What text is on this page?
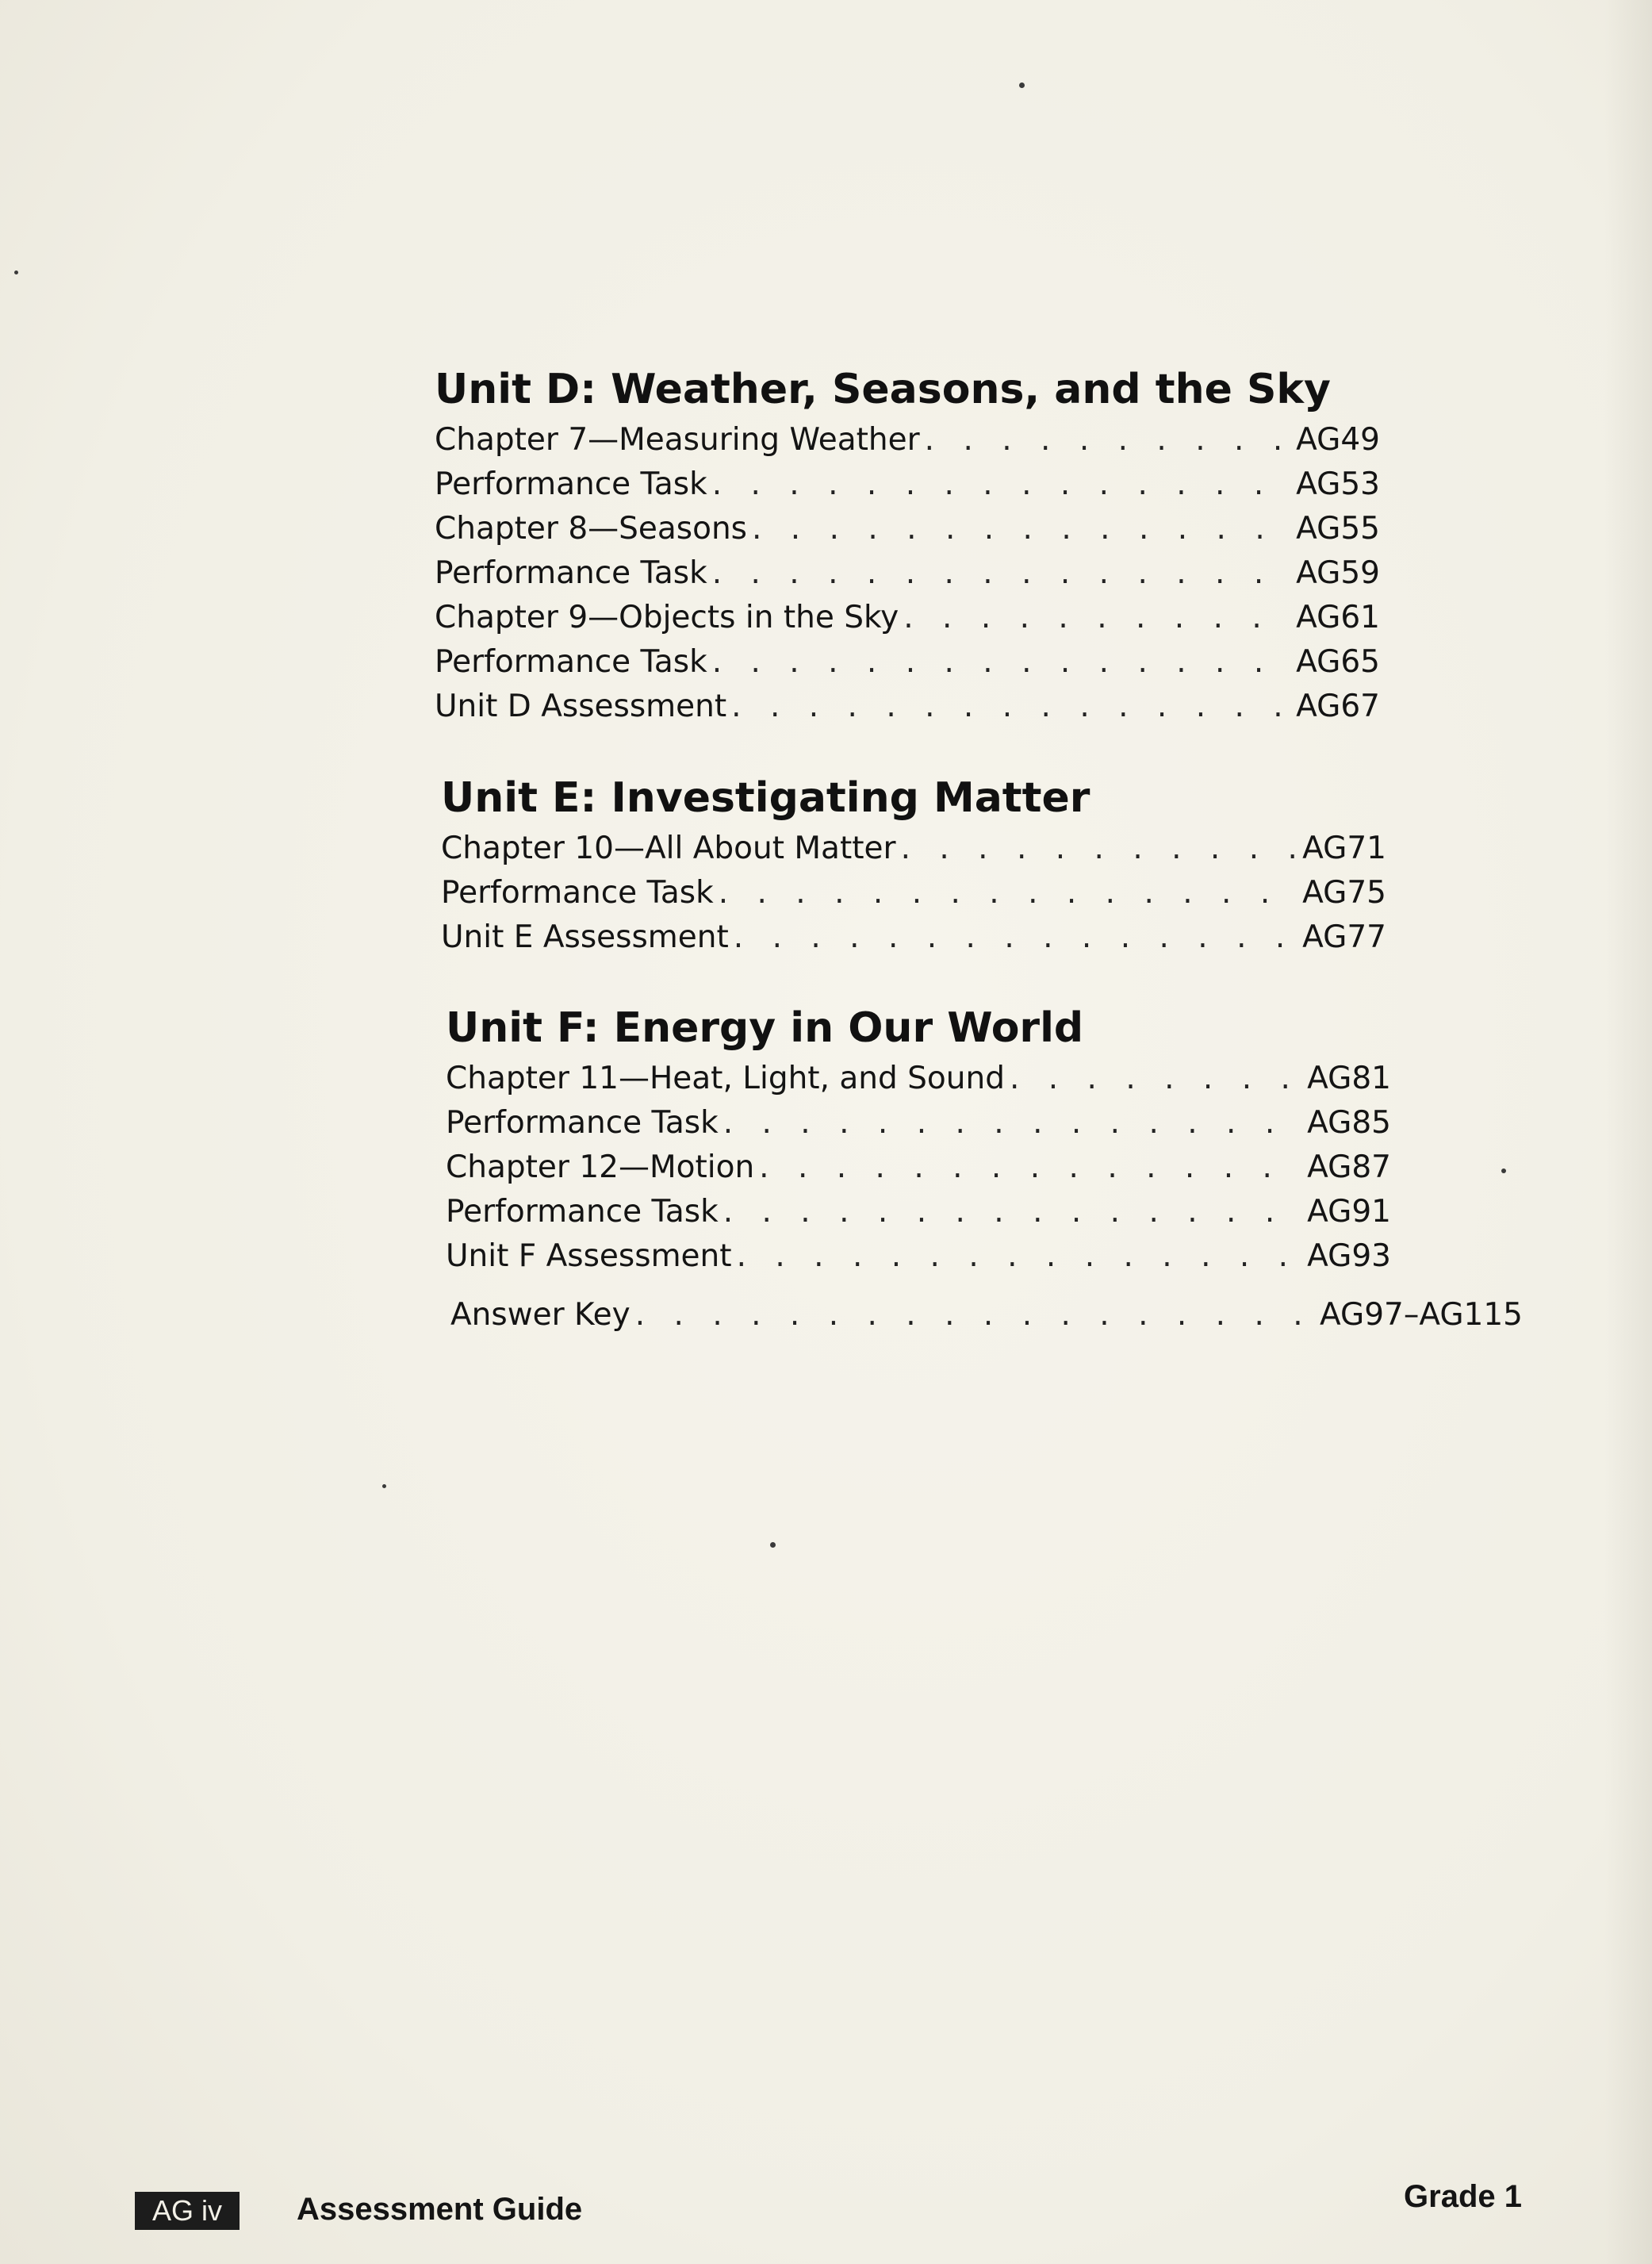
Unit D: Weather, Seasons, and the Sky
Chapter 7—Measuring Weather . . .	AG49
Performance Task . . .	AG53
Chapter 8—Seasons . . .	AG55
Performance Task . . .	AG59
Chapter 9—Objects in the Sky . . .	AG61
Performance Task . . .	AG65
Unit D Assessment . . .	AG67
Unit E: Investigating Matter
Chapter 10—All About Matter . . .	AG71
Performance Task . . .	AG75
Unit E Assessment . . .	AG77
Unit F: Energy in Our World
Chapter 11—Heat, Light, and Sound . . .	AG81
Performance Task . . .	AG85
Chapter 12—Motion . . .	AG87
Performance Task . . .	AG91
Unit F Assessment . . .	AG93
Answer Key . . .	AG97–AG115
AG iv	Assessment Guide	Grade 1
